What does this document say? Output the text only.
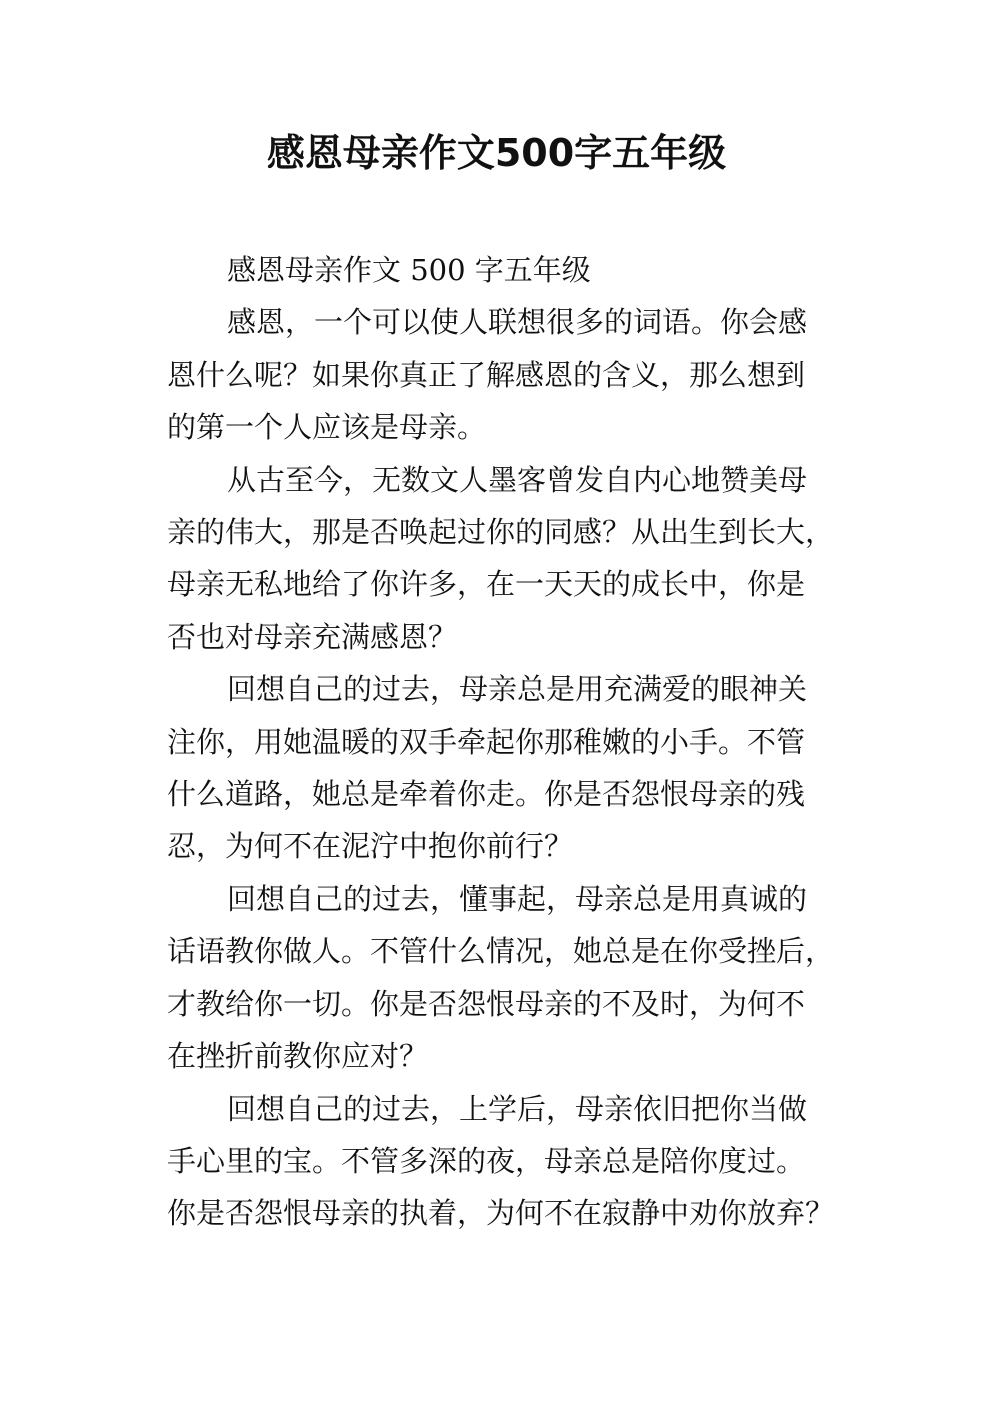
感恩母亲作文500字五年级
感恩母亲作文 500 字五年级
感恩，一个可以使人联想很多的词语。你会感
恩什么呢？如果你真正了解感恩的含义，那么想到
的第一个人应该是母亲。
从古至今，无数文人墨客曾发自内心地赞美母
亲的伟大，那是否唤起过你的同感？从出生到长大，
母亲无私地给了你许多，在一天天的成长中，你是
否也对母亲充满感恩？
回想自己的过去，母亲总是用充满爱的眼神关
注你，用她温暖的双手牵起你那稚嫩的小手。不管
什么道路，她总是牵着你走。你是否怨恨母亲的残
忍，为何不在泥泞中抱你前行？
回想自己的过去，懂事起，母亲总是用真诚的
话语教你做人。不管什么情况，她总是在你受挫后，
才教给你一切。你是否怨恨母亲的不及时，为何不
在挫折前教你应对？
回想自己的过去，上学后，母亲依旧把你当做
手心里的宝。不管多深的夜，母亲总是陪你度过。
你是否怨恨母亲的执着，为何不在寂静中劝你放弃？
